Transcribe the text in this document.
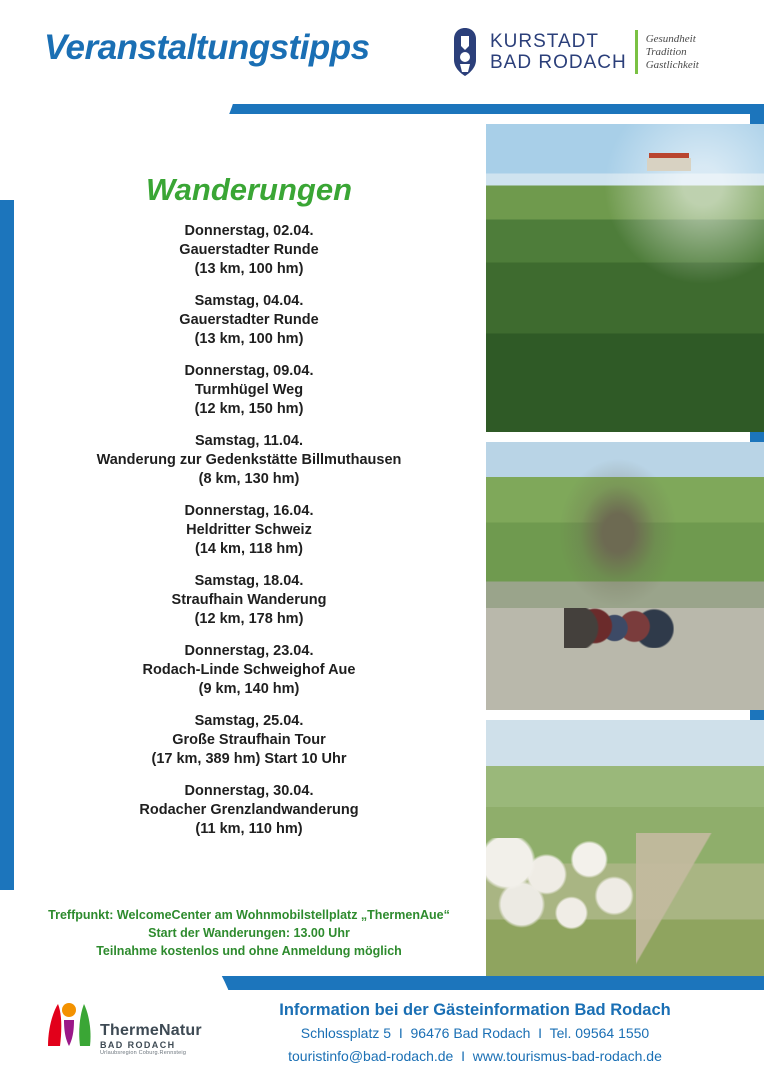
Veranstaltungstipps	KURSTADT
BAD RODACH
Gesundheit
Tradition
Gastlichkeit
Wanderungen
Donnerstag, 02.04.
Gauerstadter Runde
(13 km, 100 hm)
Samstag, 04.04.
Gauerstadter Runde
(13 km, 100 hm)
Donnerstag, 09.04.
Turmhügel Weg
(12 km, 150 hm)
Samstag, 11.04.
Wanderung zur Gedenkstätte Billmuthausen
(8 km, 130 hm)
Donnerstag, 16.04.
Heldritter Schweiz
(14 km, 118 hm)
Samstag, 18.04.
Straufhain Wanderung
(12 km, 178 hm)
Donnerstag, 23.04.
Rodach-Linde Schweighof Aue
(9 km, 140 hm)
Samstag, 25.04.
Große Straufhain Tour
(17 km, 389 hm) Start 10 Uhr
Donnerstag, 30.04.
Rodacher Grenzlandwanderung
(11 km, 110 hm)
Treffpunkt: WelcomeCenter am Wohnmobilstellplatz „ThermenAue“
Start der Wanderungen: 13.00 Uhr
Teilnahme kostenlos und ohne Anmeldung möglich
ThermeNatur
BAD RODACH
Urlaubsregion Coburg.Rennsteig
Information bei der Gästeinformation Bad Rodach
Schlossplatz 5  I  96476 Bad Rodach  I  Tel. 09564 1550
touristinfo@bad-rodach.de  I  www.tourismus-bad-rodach.de
